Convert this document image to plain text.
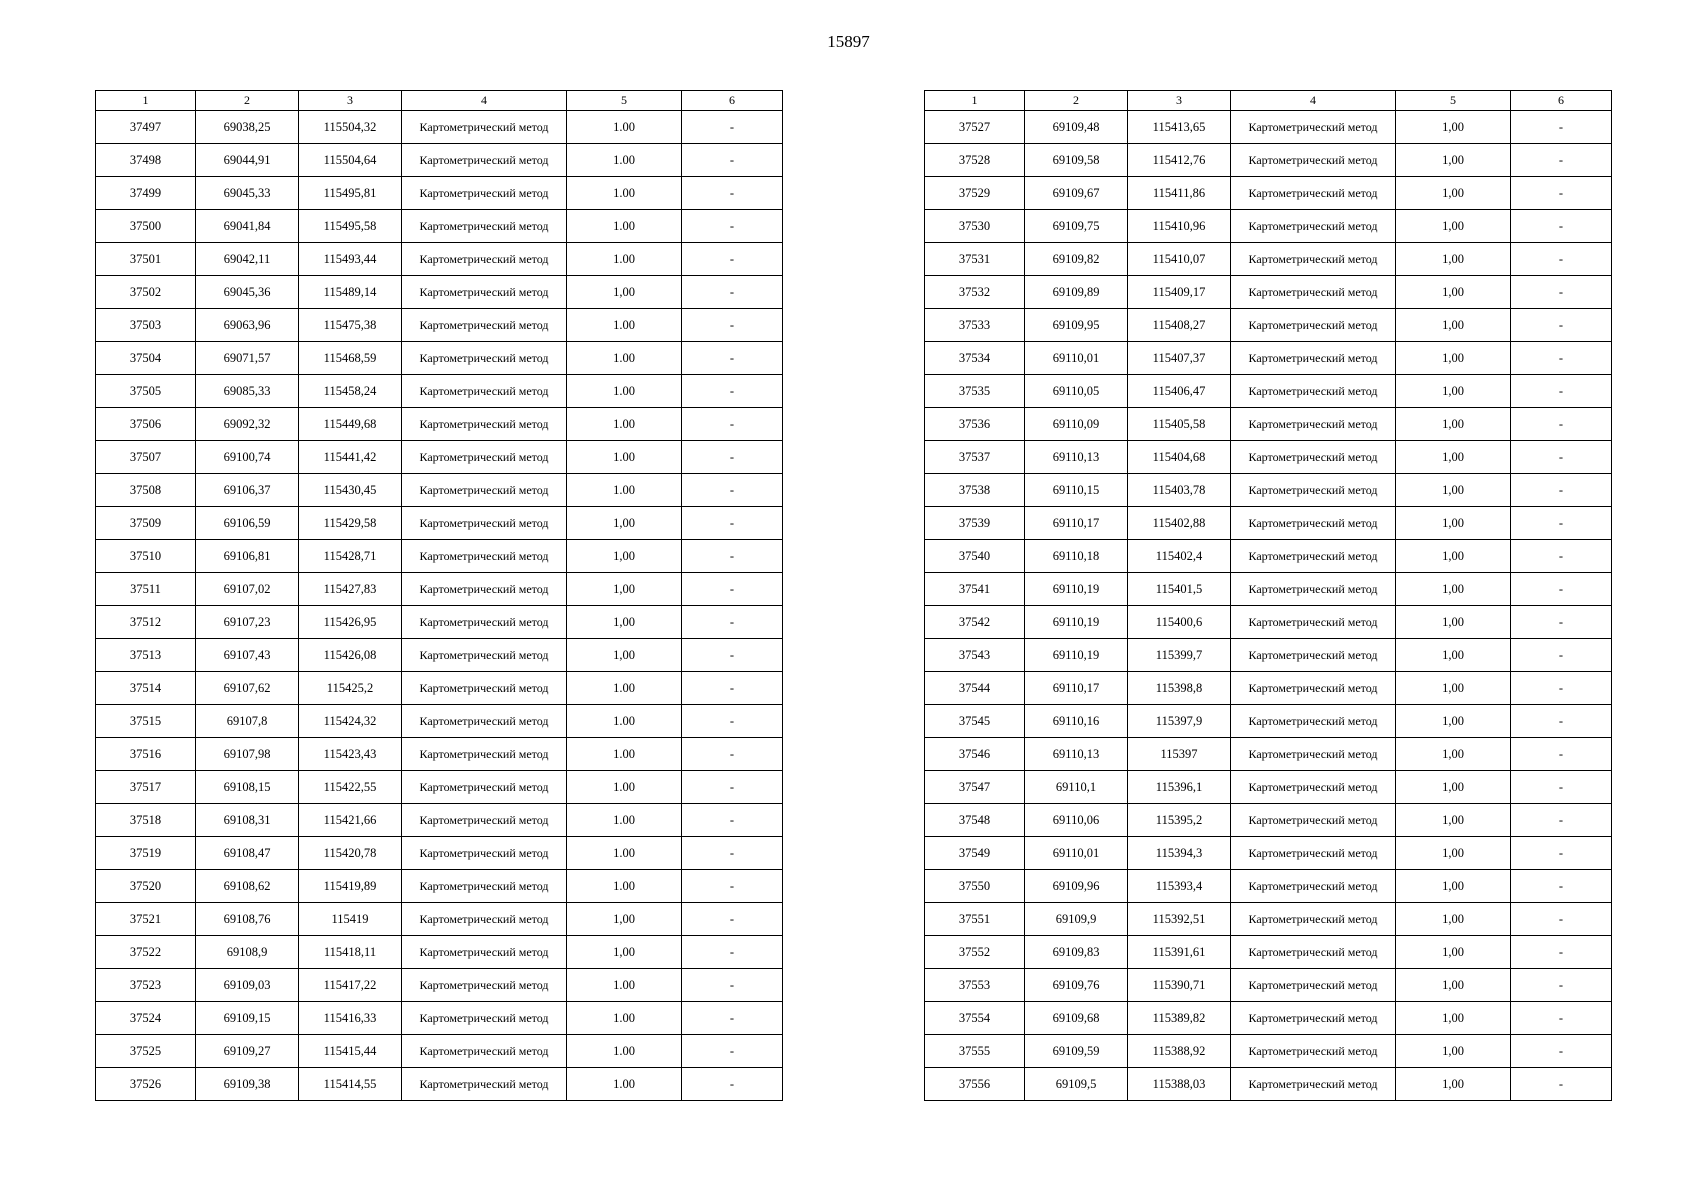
15897
1	2	3	4	5	6
37497	69038,25	115504,32	Картометрический метод	1.00	-
37498	69044,91	115504,64	Картометрический метод	1.00	-
37499	69045,33	115495,81	Картометрический метод	1.00	-
37500	69041,84	115495,58	Картометрический метод	1.00	-
37501	69042,11	115493,44	Картометрический метод	1.00	-
37502	69045,36	115489,14	Картометрический метод	1,00	-
37503	69063,96	115475,38	Картометрический метод	1.00	-
37504	69071,57	115468,59	Картометрический метод	1.00	-
37505	69085,33	115458,24	Картометрический метод	1.00	-
37506	69092,32	115449,68	Картометрический метод	1.00	-
37507	69100,74	115441,42	Картометрический метод	1.00	-
37508	69106,37	115430,45	Картометрический метод	1.00	-
37509	69106,59	115429,58	Картометрический метод	1,00	-
37510	69106,81	115428,71	Картометрический метод	1,00	-
37511	69107,02	115427,83	Картометрический метод	1,00	-
37512	69107,23	115426,95	Картометрический метод	1,00	-
37513	69107,43	115426,08	Картометрический метод	1,00	-
37514	69107,62	115425,2	Картометрический метод	1.00	-
37515	69107,8	115424,32	Картометрический метод	1.00	-
37516	69107,98	115423,43	Картометрический метод	1.00	-
37517	69108,15	115422,55	Картометрический метод	1.00	-
37518	69108,31	115421,66	Картометрический метод	1.00	-
37519	69108,47	115420,78	Картометрический метод	1.00	-
37520	69108,62	115419,89	Картометрический метод	1.00	-
37521	69108,76	115419	Картометрический метод	1,00	-
37522	69108,9	115418,11	Картометрический метод	1,00	-
37523	69109,03	115417,22	Картометрический метод	1.00	-
37524	69109,15	115416,33	Картометрический метод	1.00	-
37525	69109,27	115415,44	Картометрический метод	1.00	-
37526	69109,38	115414,55	Картометрический метод	1.00	-
1	2	3	4	5	6
37527	69109,48	115413,65	Картометрический метод	1,00	-
37528	69109,58	115412,76	Картометрический метод	1,00	-
37529	69109,67	115411,86	Картометрический метод	1,00	-
37530	69109,75	115410,96	Картометрический метод	1,00	-
37531	69109,82	115410,07	Картометрический метод	1,00	-
37532	69109,89	115409,17	Картометрический метод	1,00	-
37533	69109,95	115408,27	Картометрический метод	1,00	-
37534	69110,01	115407,37	Картометрический метод	1,00	-
37535	69110,05	115406,47	Картометрический метод	1,00	-
37536	69110,09	115405,58	Картометрический метод	1,00	-
37537	69110,13	115404,68	Картометрический метод	1,00	-
37538	69110,15	115403,78	Картометрический метод	1,00	-
37539	69110,17	115402,88	Картометрический метод	1,00	-
37540	69110,18	115402,4	Картометрический метод	1,00	-
37541	69110,19	115401,5	Картометрический метод	1,00	-
37542	69110,19	115400,6	Картометрический метод	1,00	-
37543	69110,19	115399,7	Картометрический метод	1,00	-
37544	69110,17	115398,8	Картометрический метод	1,00	-
37545	69110,16	115397,9	Картометрический метод	1,00	-
37546	69110,13	115397	Картометрический метод	1,00	-
37547	69110,1	115396,1	Картометрический метод	1,00	-
37548	69110,06	115395,2	Картометрический метод	1,00	-
37549	69110,01	115394,3	Картометрический метод	1,00	-
37550	69109,96	115393,4	Картометрический метод	1,00	-
37551	69109,9	115392,51	Картометрический метод	1,00	-
37552	69109,83	115391,61	Картометрический метод	1,00	-
37553	69109,76	115390,71	Картометрический метод	1,00	-
37554	69109,68	115389,82	Картометрический метод	1,00	-
37555	69109,59	115388,92	Картометрический метод	1,00	-
37556	69109,5	115388,03	Картометрический метод	1,00	-
